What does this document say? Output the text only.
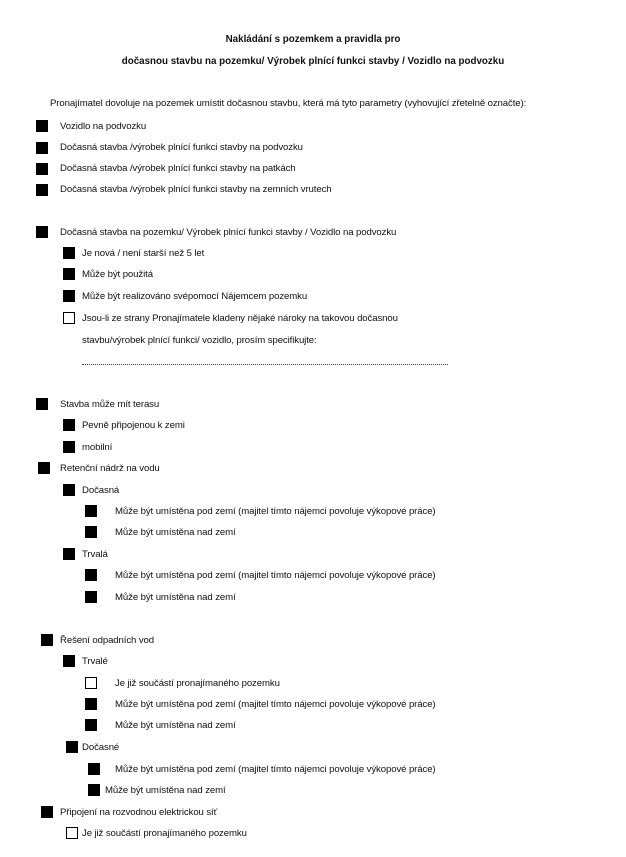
Nakládání s pozemkem a pravidla pro
dočasnou stavbu na pozemku/ Výrobek plnící funkci stavby / Vozidlo na podvozku
Pronajímatel dovoluje na pozemek umístit dočasnou stavbu, která má tyto parametry (vyhovující zřetelně označte):
Vozidlo na podvozku
Dočasná stavba /výrobek plnící funkci stavby na podvozku
Dočasná stavba /výrobek plnící funkci stavby na patkách
Dočasná stavba /výrobek plnící funkci stavby na zemních vrutech
Dočasná stavba na pozemku/ Výrobek plnící funkci stavby / Vozidlo na podvozku
Je nová / není starší než 5 let
Může být použitá
Může být realizováno svépomocí Nájemcem pozemku
Jsou-li ze strany Pronajímatele kladeny nějaké nároky na takovou dočasnou
stavbu/výrobek plnící funkci/ vozidlo, prosím specifikujte:
Stavba může mít terasu
Pevně připojenou k zemi
mobilní
Retenční nádrž na vodu
Dočasná
Může být umístěna pod zemí (majitel tímto nájemci povoluje výkopové práce)
Může být umístěna nad zemí
Trvalá
Může být umístěna pod zemí (majitel tímto nájemci povoluje výkopové práce)
Může být umístěna nad zemí
Řešení odpadních vod
Trvalé
Je již součástí pronajímaného pozemku
Může být umístěna pod zemí (majitel tímto nájemci povoluje výkopové práce)
Může být umístěna nad zemí
Dočasné
Může být umístěna pod zemí (majitel tímto nájemci povoluje výkopové práce)
Může být umístěna nad zemí
Připojení na rozvodnou elektrickou síť
Je již součástí pronajímaného pozemku
